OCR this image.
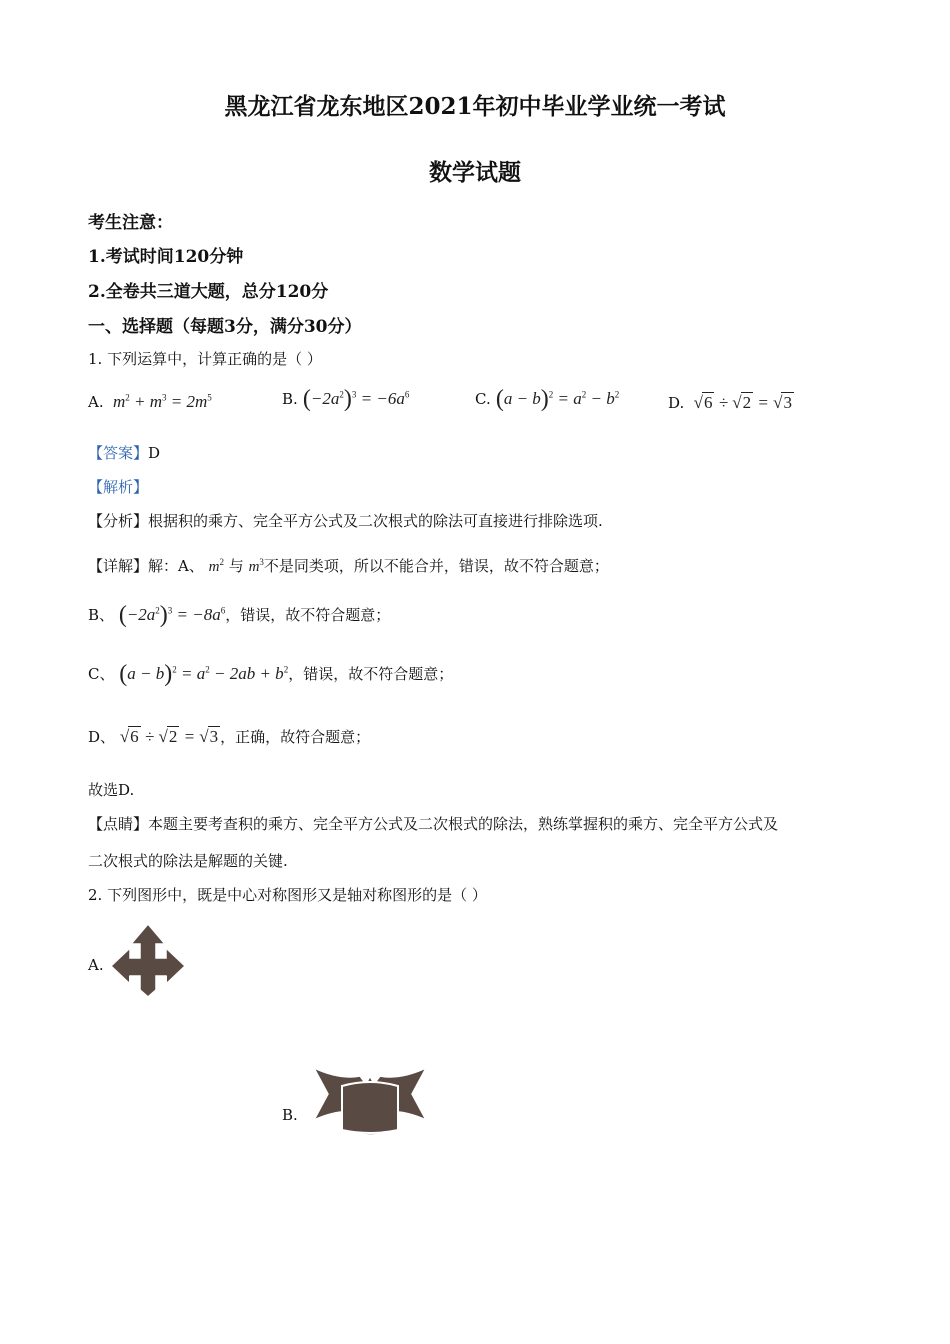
黑龙江省龙东地区2021年初中毕业学业统一考试
数学试题
考生注意：
1.考试时间120分钟
2.全卷共三道大题，总分120分
一、选择题（每题3分，满分30分）
1. 下列运算中，计算正确的是（ ）
A.  $m^2 + m^3 = 2m^5$	B. $(-2a^2)^3 = -6a^6$	C. $(a - b)^2 = a^2 - b^2$	D.  √6 ÷ √2 = √3
【答案】D
【解析】
【分析】根据积的乘方、完全平方公式及二次根式的除法可直接进行排除选项.
【详解】解：A、 $m^2$ 与 $m^3$不是同类项，所以不能合并，错误，故不符合题意；
B、 $(-2a^2)^3 = -8a^6$，错误，故不符合题意；
C、 $(a - b)^2 = a^2 - 2ab + b^2$，错误，故不符合题意；
D、 √6 ÷ √2 = √3 ，正确，故符合题意；
故选D.
【点睛】本题主要考查积的乘方、完全平方公式及二次根式的除法，熟练掌握积的乘方、完全平方公式及
二次根式的除法是解题的关键.
2. 下列图形中，既是中心对称图形又是轴对称图形的是（ ）
A.
B.
